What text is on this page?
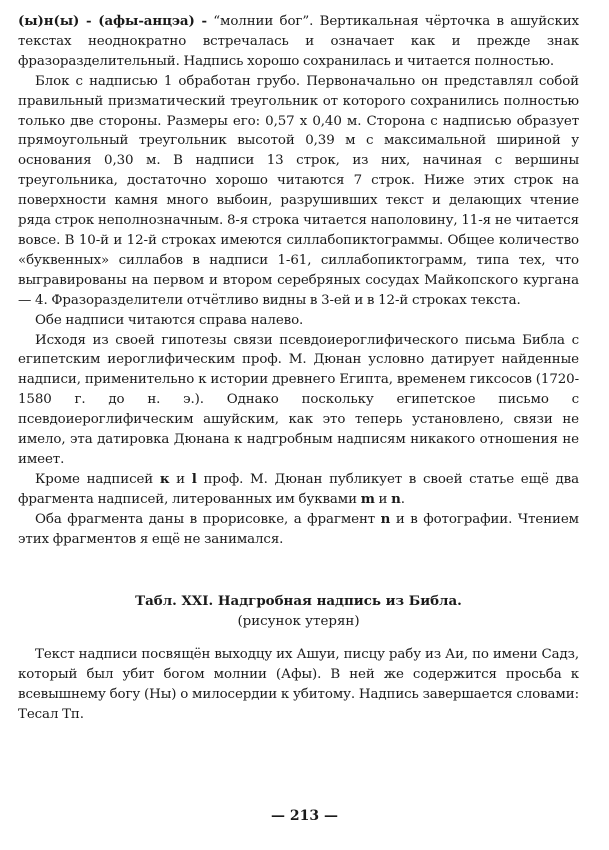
(ы)н(ы) - (афы-анцэа) - “молнии бог”. Вертикальная чёрточка в ашуйских текстах неоднократно встречалась и означает как и прежде знак фразоразделительный. Надпись хорошо сохранилась и читается полностью.

Блок с надписью 1 обработан грубо. Первоначально он представлял собой правильный призматический треугольник от которого сохранились полностью только две стороны. Размеры его: 0,57 х 0,40 м. Сторона с надписью образует прямоугольный треугольник высотой 0,39 м с максимальной шириной у основания 0,30 м. В надписи 13 строк, из них, начиная с вершины треугольника, достаточно хорошо читаются 7 строк. Ниже этих строк на поверхности камня много выбоин, разрушивших текст и делающих чтение ряда строк неполнозначным. 8-я строка читается наполовину, 11-я не читается вовсе. В 10-й и 12-й строках имеются силлабопиктограммы. Общее количество «буквенных» силлабов в надписи 1-61, силлабопиктограмм, типа тех, что выгравированы на первом и втором серебряных сосудах Майкопского кургана — 4. Фразоразделители отчётливо видны в 3-ей и в 12-й строках текста.

Обе надписи читаются справа налево.

Исходя из своей гипотезы связи псевдоиероглифического письма Библа с египетским иероглифическим проф. М. Дюнан условно датирует найденные надписи, применительно к истории древнего Египта, временем гиксосов (1720-1580 г. до н. э.). Однако поскольку египетское письмо с псевдоиероглифическим ашуйским, как это теперь установлено, связи не имело, эта датировка Дюнана к надгробным надписям никакого отношения не имеет.

Кроме надписей к и l проф. М. Дюнан публикует в своей статье ещё два фрагмента надписей, литерованных им буквами m и n.

Оба фрагмента даны в прорисовке, а фрагмент n и в фотографии. Чтением этих фрагментов я ещё не занимался.

Табл. XXI. Надгробная надпись из Библа.

(рисунок утерян)

Текст надписи посвящён выходцу их Ашуи, писцу рабу из Аи, по имени Садз, который был убит богом молнии (Афы). В ней же содержится просьба к всевышнему богу (Ны) о милосердии к убитому. Надпись завершается словами: Тесал Тп.

— 213 —
